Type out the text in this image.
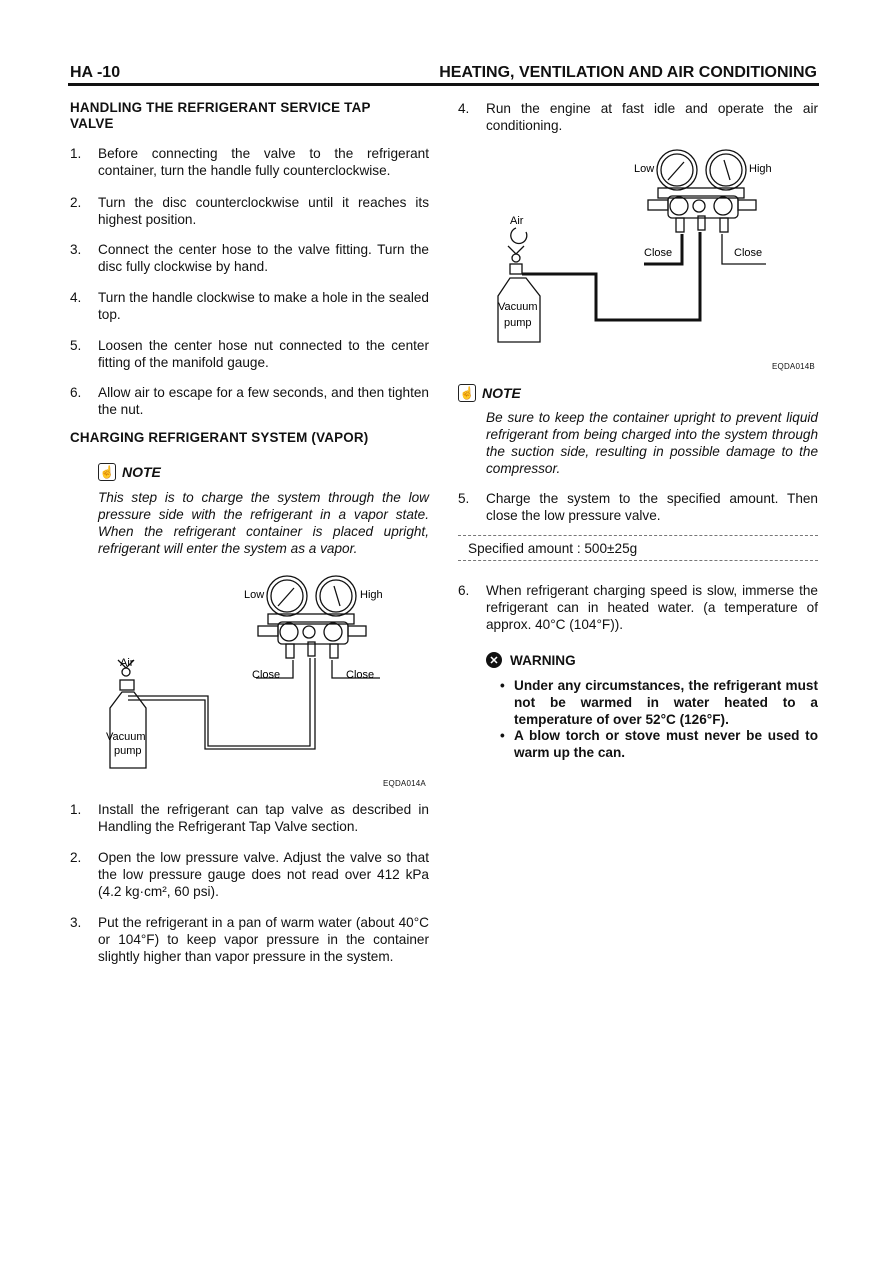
HA -10	HEATING, VENTILATION AND AIR CONDITIONING
HANDLING THE REFRIGERANT SERVICE TAP VALVE
1.	Before connecting the valve to the refrigerant container, turn the handle fully counterclockwise.
2.	Turn the disc counterclockwise until it reaches its highest position.
3.	Connect the center hose to the valve fitting. Turn the disc fully clockwise by hand.
4.	Turn the handle clockwise to make a hole in the sealed top.
5.	Loosen the center hose nut connected to the center fitting of the manifold gauge.
6.	Allow air to escape for a few seconds, and then tighten the nut.
CHARGING REFRIGERANT SYSTEM (VAPOR)
☝ NOTE
This step is to charge the system through the low pressure side with the refrigerant in a vapor state. When the refrigerant container is placed upright, refrigerant will enter the system as a vapor.
Low	High
Air
Close	Close
Vacuum
pump
EQDA014A
1.	Install the refrigerant can tap valve as described in Handling the Refrigerant Tap Valve section.
2.	Open the low pressure valve. Adjust the valve so that the low pressure gauge does not read over 412 kPa (4.2 kg·cm², 60 psi).
3.	Put the refrigerant in a pan of warm water (about 40°C or 104°F) to keep vapor pressure in the container slightly higher than vapor pressure in the system.
4.	Run the engine at fast idle and operate the air conditioning.
Low	High
Air
Close	Close
Vacuum
pump
EQDA014B
☝ NOTE
Be sure to keep the container upright to prevent liquid refrigerant from being charged into the system through the suction side, resulting in possible damage to the compressor.
5.	Charge the system to the specified amount. Then close the low pressure valve.
Specified amount : 500±25g
6.	When refrigerant charging speed is slow, immerse the refrigerant can in heated water. (a temperature of approx. 40°C (104°F)).
✕ WARNING
• Under any circumstances, the refrigerant must not be warmed in water heated to a temperature of over 52°C (126°F).
• A blow torch or stove must never be used to warm up the can.
